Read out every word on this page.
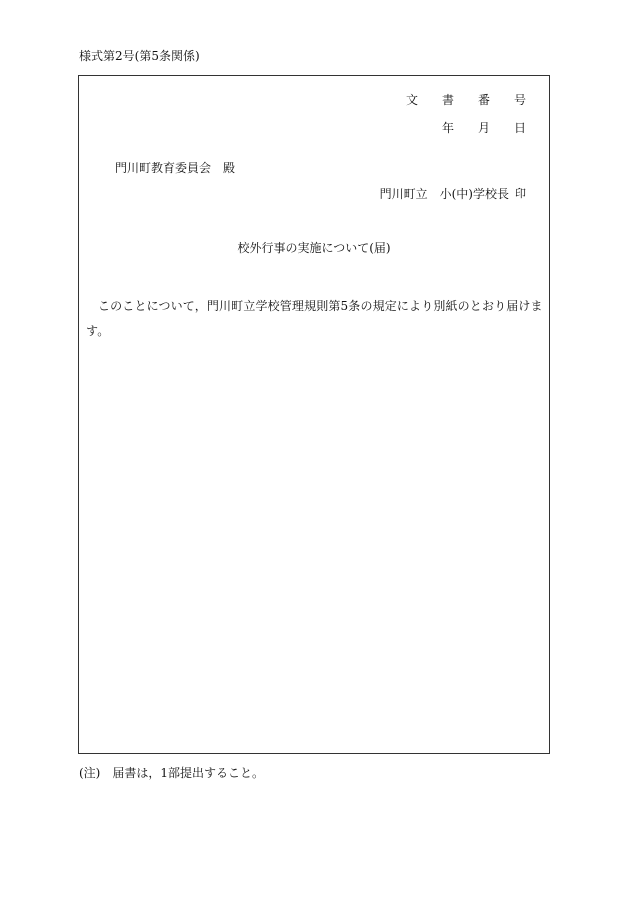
様式第2号(第5条関係)
文 書 番 号
年 月 日
門川町教育委員会　殿
門川町立　小(中)学校長 印
校外行事の実施について(届)
このことについて，門川町立学校管理規則第5条の規定により別紙のとおり届けます。
(注) 届書は，1部提出すること。
